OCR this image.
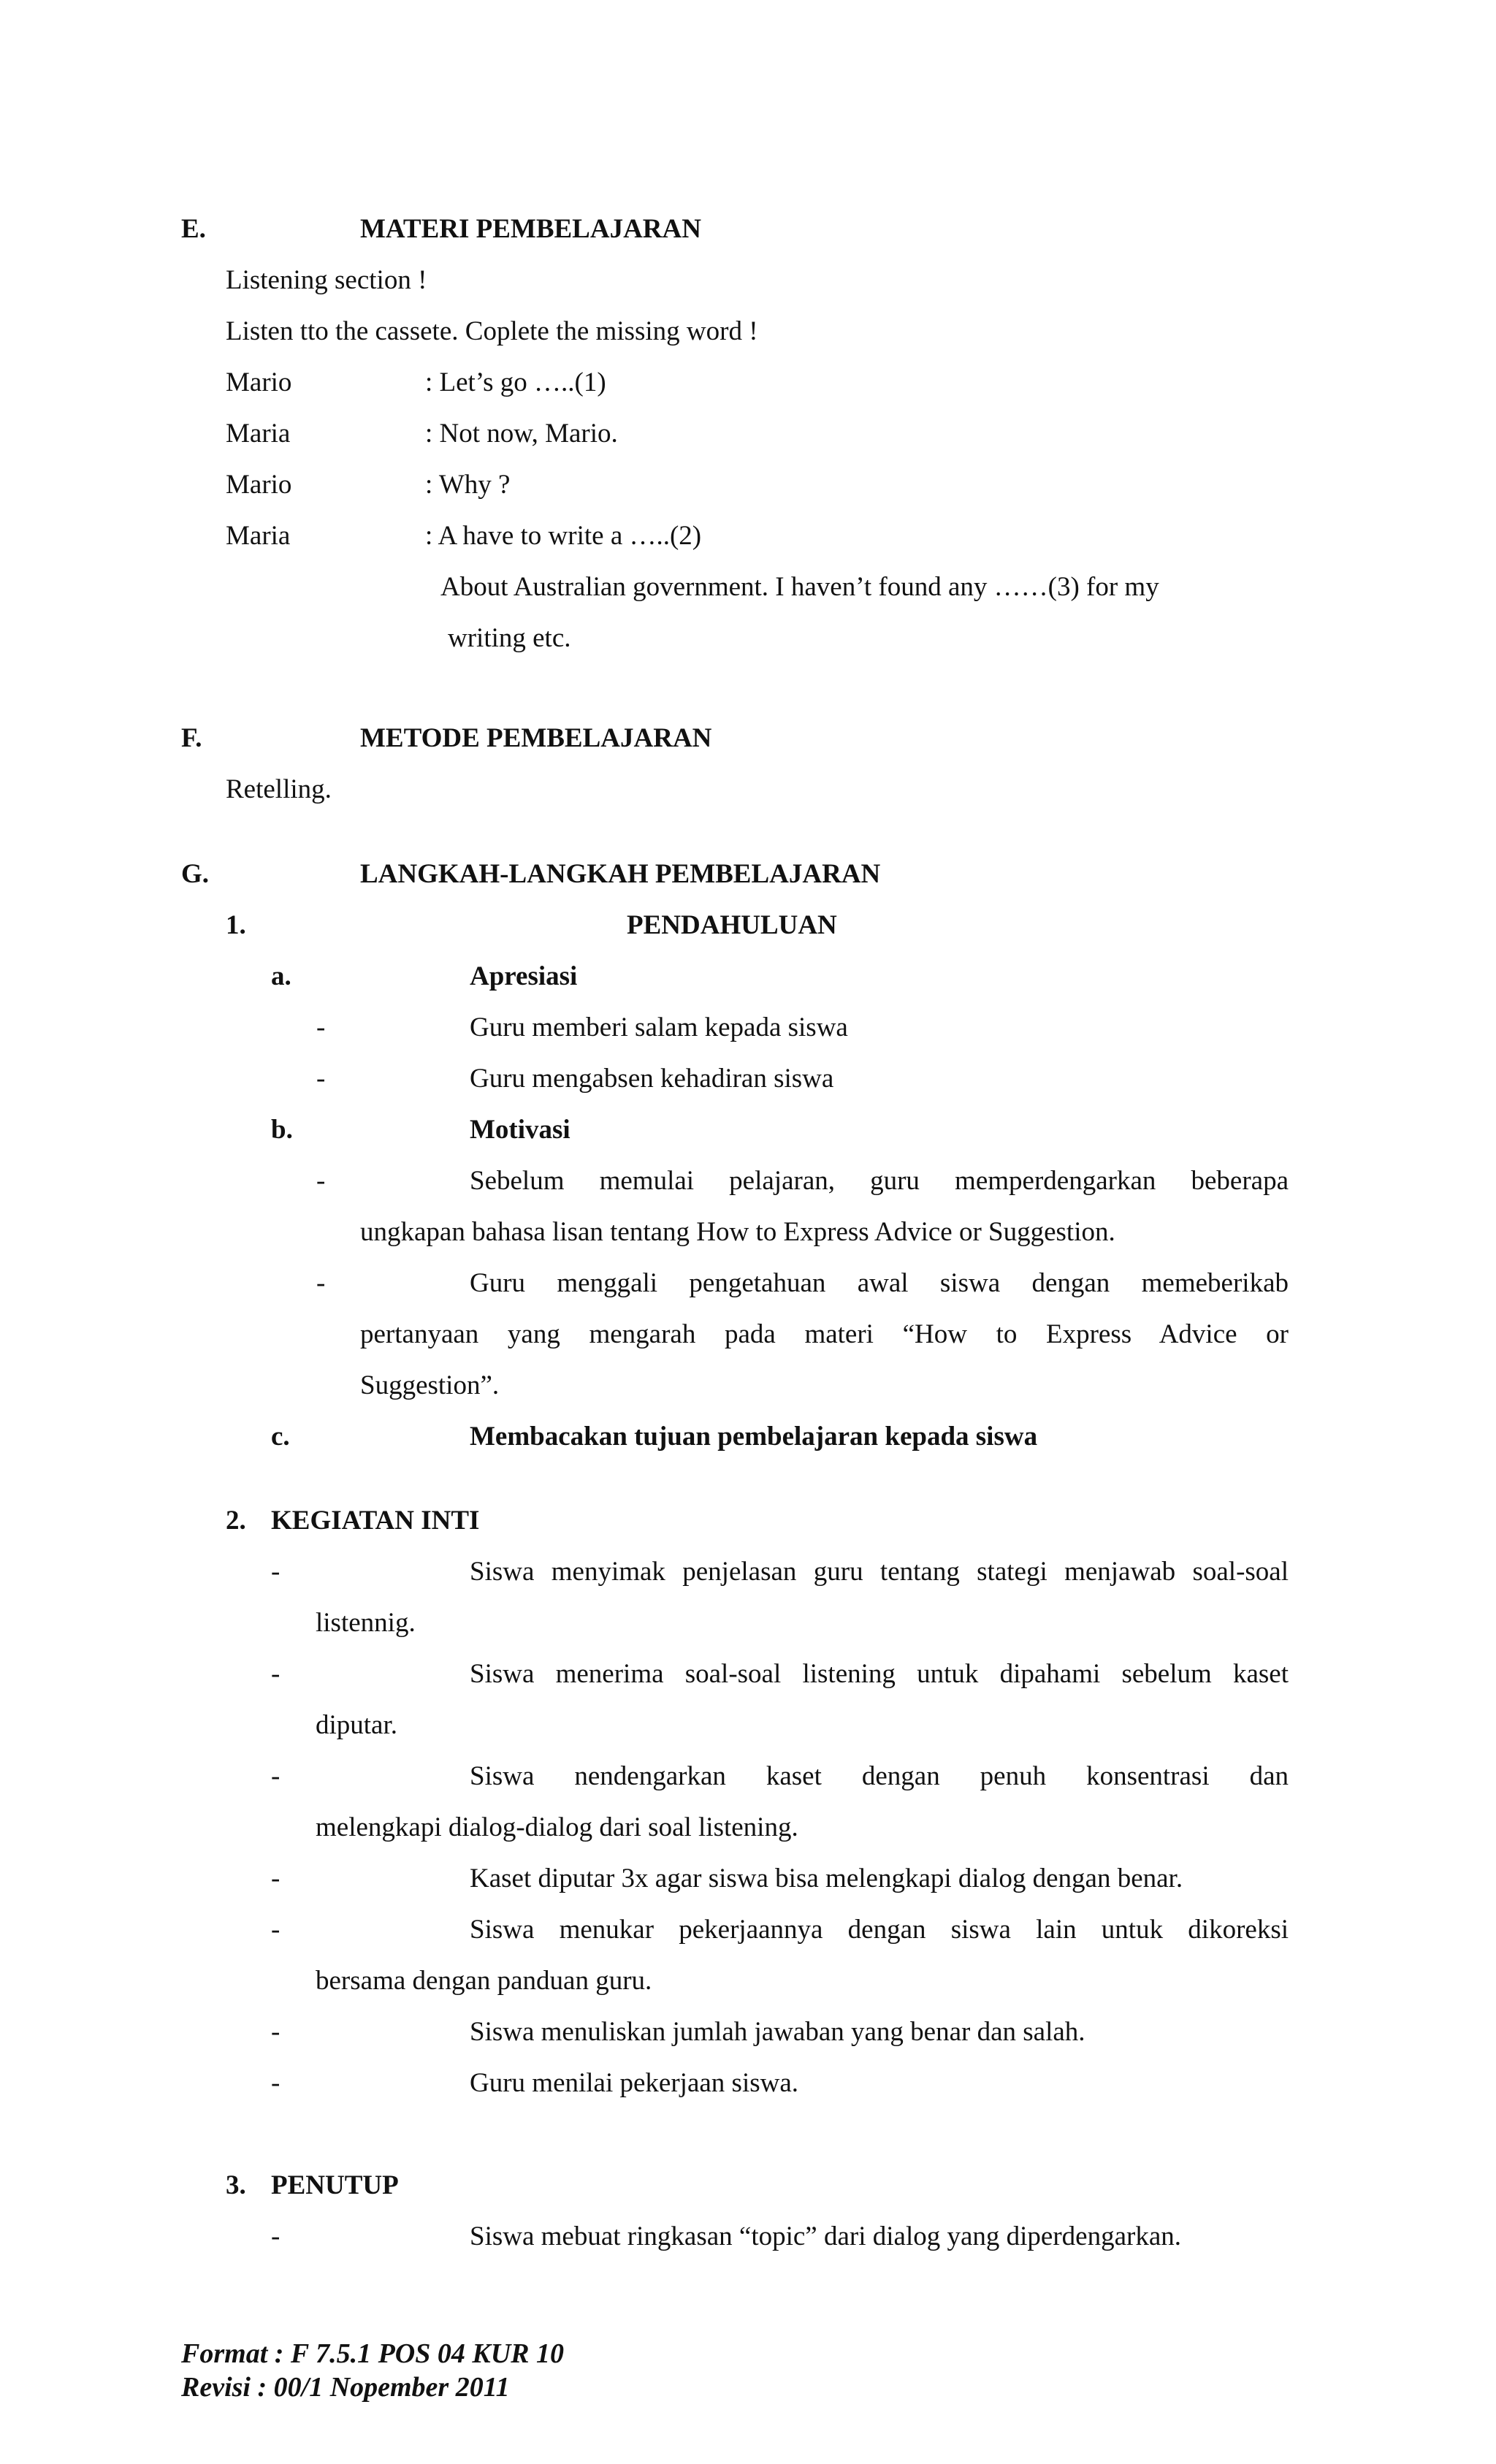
E.	MATERI PEMBELAJARAN
Listening section !
Listen tto the cassete. Coplete the missing word !
Mario	: Let’s go …..(1)
Maria	: Not now, Mario.
Mario	: Why ?
Maria	: A have to write a …..(2)
About Australian government. I haven’t found any ……(3) for my
writing etc.
F.	METODE PEMBELAJARAN
Retelling.
G.	LANGKAH-LANGKAH PEMBELAJARAN
1.	PENDAHULUAN
a.	Apresiasi
-	Guru memberi salam kepada siswa
-	Guru mengabsen kehadiran siswa
b.	Motivasi
-	Sebelum memulai pelajaran, guru memperdengarkan beberapa
ungkapan bahasa lisan tentang How to Express Advice or Suggestion.
-	Guru menggali pengetahuan awal siswa dengan memeberikab
pertanyaan yang mengarah pada materi “How to Express Advice or
Suggestion”.
c.	Membacakan tujuan pembelajaran kepada siswa
2. KEGIATAN INTI
-	Siswa menyimak penjelasan guru tentang stategi menjawab soal-soal
listennig.
-	Siswa menerima soal-soal listening untuk dipahami sebelum kaset
diputar.
-	Siswa nendengarkan kaset dengan penuh konsentrasi dan
melengkapi dialog-dialog dari soal listening.
-	Kaset diputar 3x agar siswa bisa melengkapi dialog dengan benar.
-	Siswa menukar pekerjaannya dengan siswa lain untuk dikoreksi
bersama dengan panduan guru.
-	Siswa menuliskan jumlah jawaban yang benar dan salah.
-	Guru menilai pekerjaan siswa.
3. PENUTUP
-	Siswa mebuat ringkasan “topic” dari dialog yang diperdengarkan.
Format : F 7.5.1 POS 04 KUR 10
Revisi : 00/1 Nopember 2011
